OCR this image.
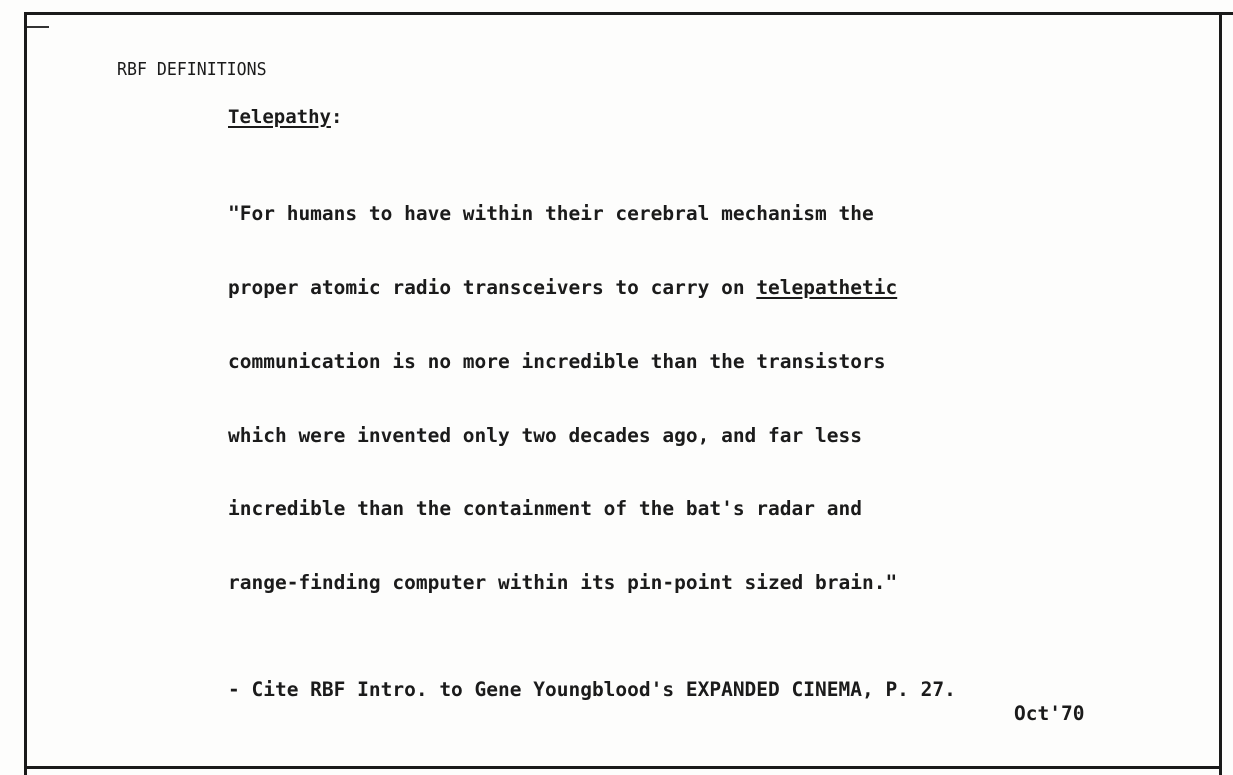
RBF DEFINITIONS
Telepathy:

"For humans to have within their cerebral mechanism the

proper atomic radio transceivers to carry on telepathetic

communication is no more incredible than the transistors

which were invented only two decades ago, and far less

incredible than the containment of the bat's radar and

range-finding computer within its pin-point sized brain."

- Cite RBF Intro. to Gene Youngblood's EXPANDED CINEMA, P. 27.
Oct'70
